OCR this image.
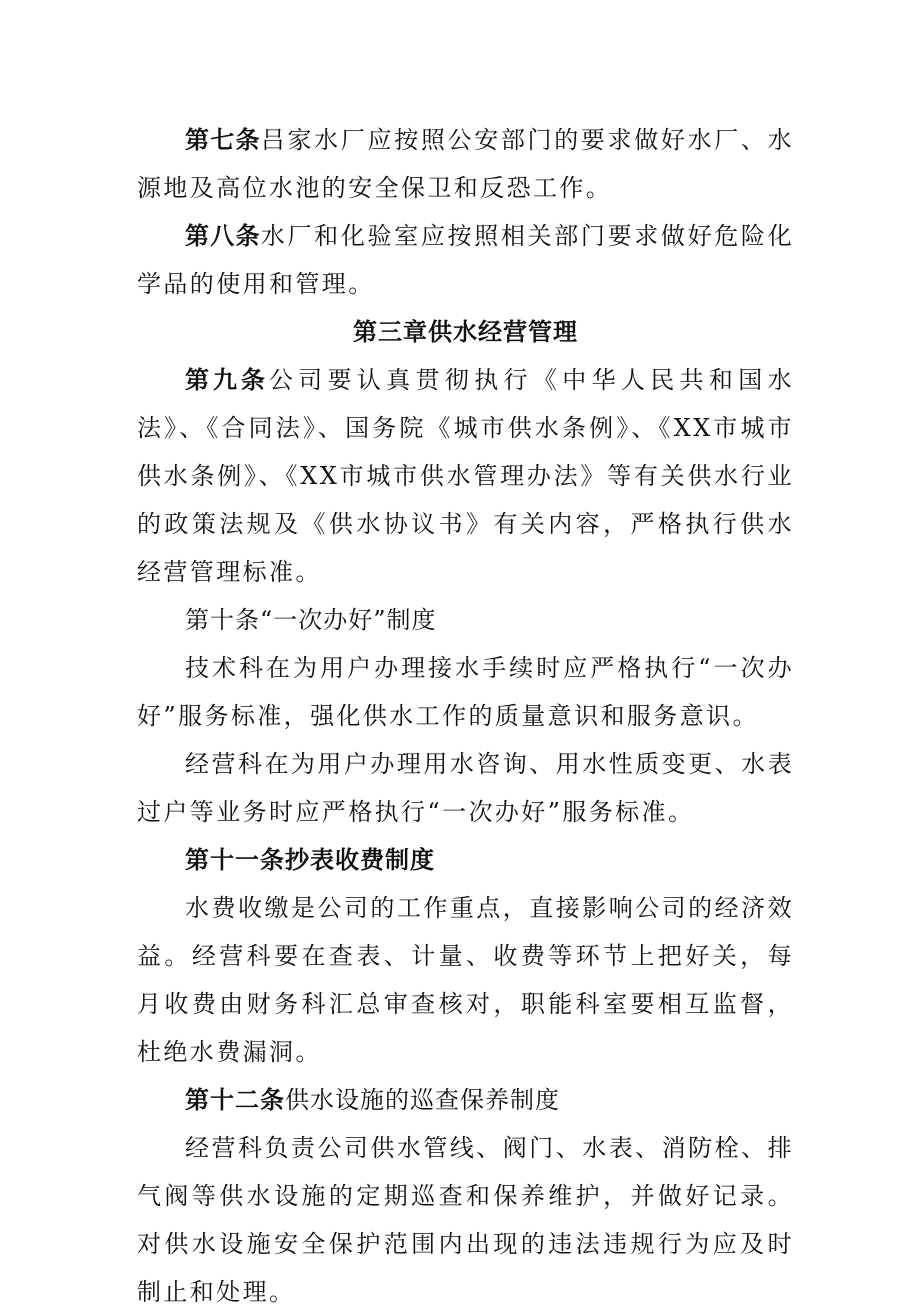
第七条吕家水厂应按照公安部门的要求做好水厂、水源地及高位水池的安全保卫和反恐工作。

第八条水厂和化验室应按照相关部门要求做好危险化学品的使用和管理。

第三章供水经营管理

第九条公司要认真贯彻执行《中华人民共和国水法》、《合同法》、国务院《城市供水条例》、《XX市城市供水条例》、《XX市城市供水管理办法》等有关供水行业的政策法规及《供水协议书》有关内容，严格执行供水经营管理标准。

第十条“一次办好”制度

技术科在为用户办理接水手续时应严格执行“一次办好”服务标准，强化供水工作的质量意识和服务意识。

经营科在为用户办理用水咨询、用水性质变更、水表过户等业务时应严格执行“一次办好”服务标准。

第十一条抄表收费制度

水费收缴是公司的工作重点，直接影响公司的经济效益。经营科要在查表、计量、收费等环节上把好关，每月收费由财务科汇总审查核对，职能科室要相互监督，杜绝水费漏洞。

第十二条供水设施的巡查保养制度

经营科负责公司供水管线、阀门、水表、消防栓、排气阀等供水设施的定期巡查和保养维护，并做好记录。对供水设施安全保护范围内出现的违法违规行为应及时制止和处理。
